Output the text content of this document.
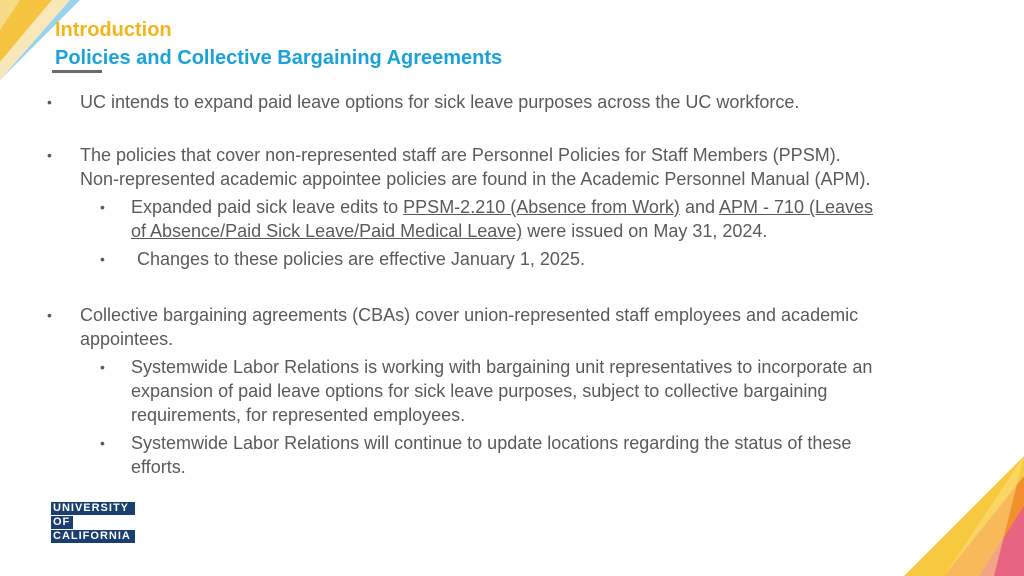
Introduction
Policies and Collective Bargaining Agreements
• UC intends to expand paid leave options for sick leave purposes across the UC workforce.
• The policies that cover non-represented staff are Personnel Policies for Staff Members (PPSM).
Non-represented academic appointee policies are found in the Academic Personnel Manual (APM).
• Expanded paid sick leave edits to PPSM-2.210 (Absence from Work) and APM - 710 (Leaves
of Absence/Paid Sick Leave/Paid Medical Leave) were issued on May 31, 2024.
• Changes to these policies are effective January 1, 2025.
• Collective bargaining agreements (CBAs) cover union-represented staff employees and academic
appointees.
• Systemwide Labor Relations is working with bargaining unit representatives to incorporate an
expansion of paid leave options for sick leave purposes, subject to collective bargaining
requirements, for represented employees.
• Systemwide Labor Relations will continue to update locations regarding the status of these
efforts.
UNIVERSITY
OF
CALIFORNIA
